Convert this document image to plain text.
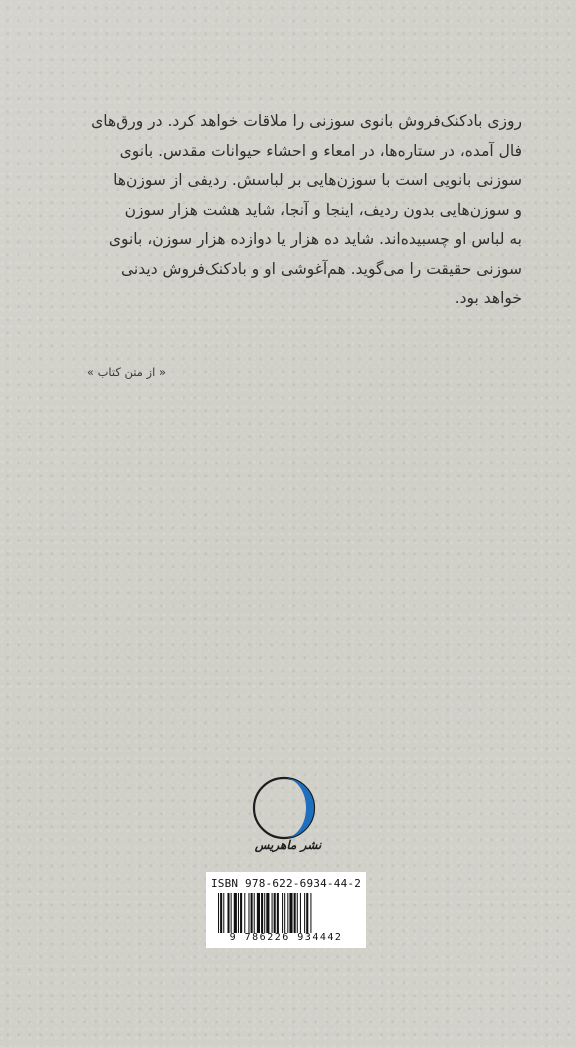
روزی بادکنک‌فروش بانوی سوزنی را ملاقات خواهد کرد. در ورق‌های

فال آمده، در ستاره‌ها، در امعاء و احشاء حیوانات مقدس. بانوی

سوزنی بانویی است با سوزن‌هایی بر لباسش. ردیفی از سوزن‌ها

و سوزن‌هایی بدون ردیف، اینجا و آنجا، شاید هشت هزار سوزن

به لباس او چسبیده‌اند. شاید ده هزار یا دوازده هزار سوزن، بانوی

سوزنی حقیقت را می‌گوید. هم‌آغوشی او و بادکنک‌فروش دیدنی

خواهد بود.

« از متن کتاب »
نشر ماهریس
ISBN 978-622-6934-44-2
9 786226 934442
